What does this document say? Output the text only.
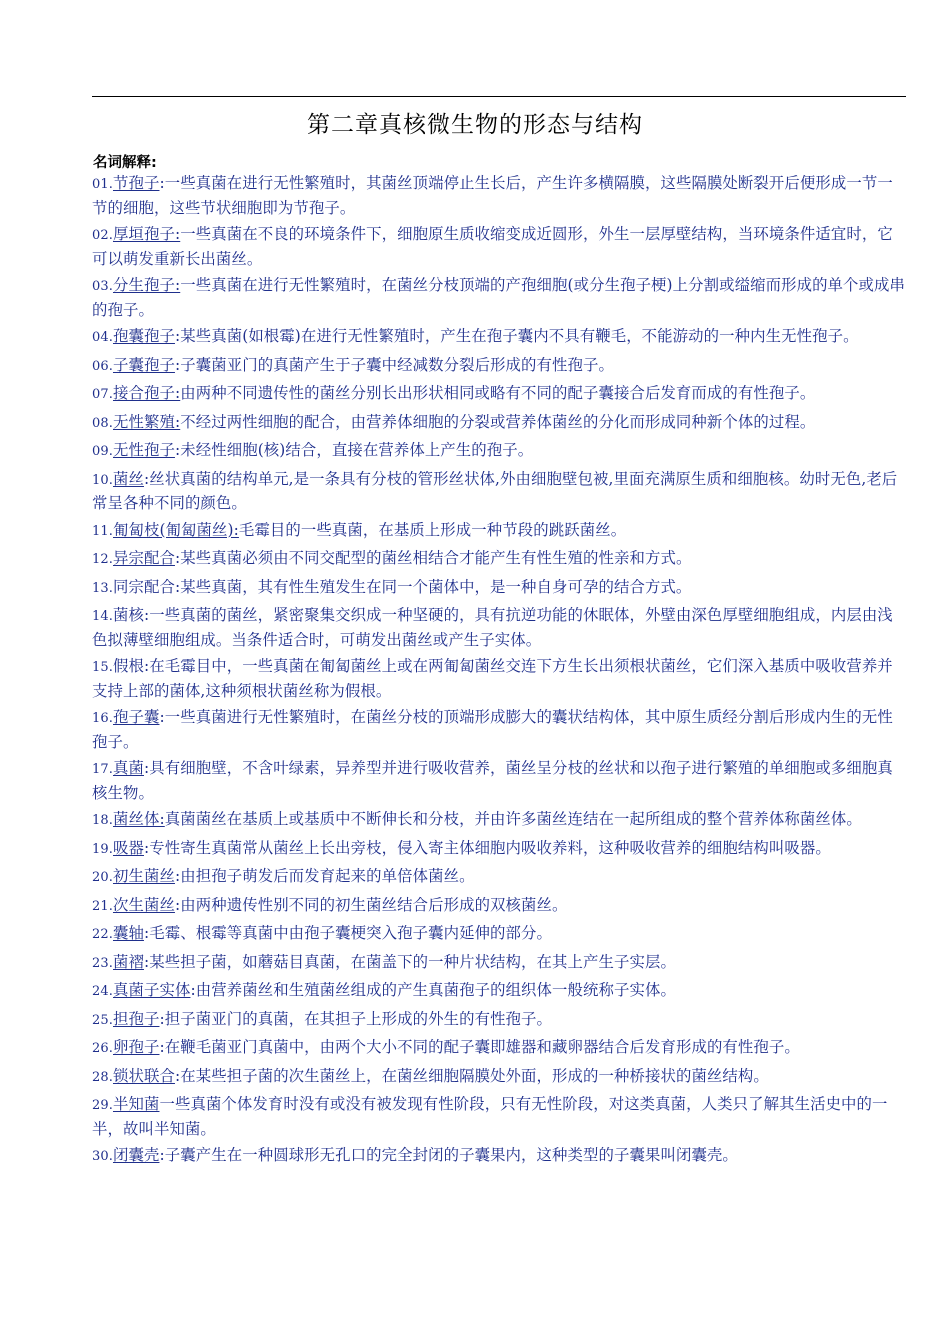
第二章真核微生物的形态与结构
名词解释:
01.节孢子:一些真菌在进行无性繁殖时，其菌丝顶端停止生长后，产生许多横隔膜，这些隔膜处断裂开后便形成一节一节的细胞，这些节状细胞即为节孢子。
02.厚垣孢子:一些真菌在不良的环境条件下，细胞原生质收缩变成近圆形，外生一层厚壁结构，当环境条件适宜时，它可以萌发重新长出菌丝。
03.分生孢子:一些真菌在进行无性繁殖时，在菌丝分枝顶端的产孢细胞(或分生孢子梗)上分割或缢缩而形成的单个或成串的孢子。
04.孢囊孢子:某些真菌(如根霉)在进行无性繁殖时，产生在孢子囊内不具有鞭毛，不能游动的一种内生无性孢子。
06.子囊孢子:子囊菌亚门的真菌产生于子囊中经减数分裂后形成的有性孢子。
07.接合孢子:由两种不同遗传性的菌丝分别长出形状相同或略有不同的配子囊接合后发育而成的有性孢子。
08.无性繁殖:不经过两性细胞的配合，由营养体细胞的分裂或营养体菌丝的分化而形成同种新个体的过程。
09.无性孢子:未经性细胞(核)结合，直接在营养体上产生的孢子。
10.菌丝:丝状真菌的结构单元,是一条具有分枝的管形丝状体,外由细胞壁包被,里面充满原生质和细胞核。幼时无色,老后常呈各种不同的颜色。
11.匍匐枝(匍匐菌丝):毛霉目的一些真菌，在基质上形成一种节段的跳跃菌丝。
12.异宗配合:某些真菌必须由不同交配型的菌丝相结合才能产生有性生殖的性亲和方式。
13.同宗配合:某些真菌，其有性生殖发生在同一个菌体中，是一种自身可孕的结合方式。
14.菌核:一些真菌的菌丝，紧密聚集交织成一种坚硬的，具有抗逆功能的休眠体，外壁由深色厚壁细胞组成，内层由浅色拟薄壁细胞组成。当条件适合时，可萌发出菌丝或产生子实体。
15.假根:在毛霉目中，一些真菌在匍匐菌丝上或在两匍匐菌丝交连下方生长出须根状菌丝，它们深入基质中吸收营养并支持上部的菌体,这种须根状菌丝称为假根。
16.孢子囊:一些真菌进行无性繁殖时，在菌丝分枝的顶端形成膨大的囊状结构体，其中原生质经分割后形成内生的无性孢子。
17.真菌:具有细胞壁，不含叶绿素，异养型并进行吸收营养，菌丝呈分枝的丝状和以孢子进行繁殖的单细胞或多细胞真核生物。
18.菌丝体:真菌菌丝在基质上或基质中不断伸长和分枝，并由许多菌丝连结在一起所组成的整个营养体称菌丝体。
19.吸器:专性寄生真菌常从菌丝上长出旁枝，侵入寄主体细胞内吸收养料，这种吸收营养的细胞结构叫吸器。
20.初生菌丝:由担孢子萌发后而发育起来的单倍体菌丝。
21.次生菌丝:由两种遗传性别不同的初生菌丝结合后形成的双核菌丝。
22.囊轴:毛霉、根霉等真菌中由孢子囊梗突入孢子囊内延伸的部分。
23.菌褶:某些担子菌，如蘑菇目真菌，在菌盖下的一种片状结构，在其上产生子实层。
24.真菌子实体:由营养菌丝和生殖菌丝组成的产生真菌孢子的组织体一般统称子实体。
25.担孢子:担子菌亚门的真菌，在其担子上形成的外生的有性孢子。
26.卵孢子:在鞭毛菌亚门真菌中，由两个大小不同的配子囊即雄器和藏卵器结合后发育形成的有性孢子。
28.锁状联合:在某些担子菌的次生菌丝上，在菌丝细胞隔膜处外面，形成的一种桥接状的菌丝结构。
29.半知菌一些真菌个体发育时没有或没有被发现有性阶段，只有无性阶段，对这类真菌，人类只了解其生活史中的一半，故叫半知菌。
30.闭囊壳:子囊产生在一种圆球形无孔口的完全封闭的子囊果内，这种类型的子囊果叫闭囊壳。
